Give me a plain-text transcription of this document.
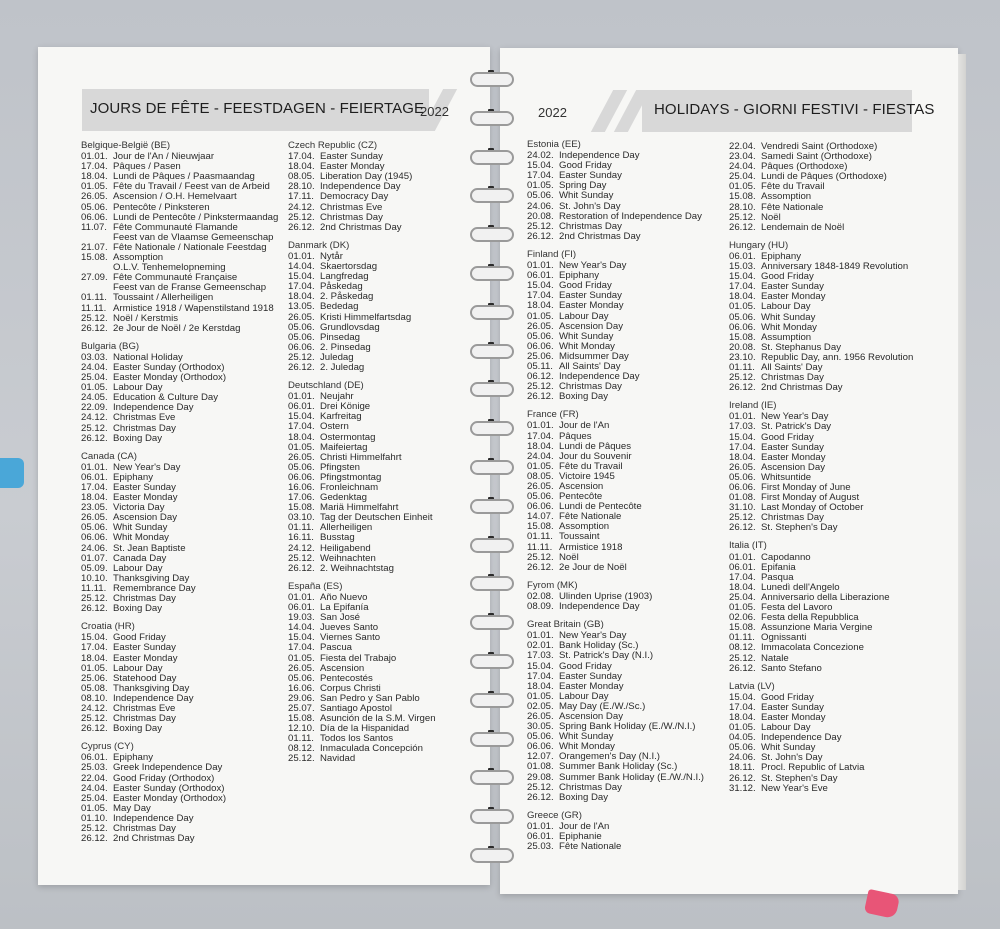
JOURS DE FÊTE - FEESTDAGEN - FEIERTAGE
2022
Belgique-België (BE)
01.01. Jour de l'An / Nieuwjaar
17.04. Pâques / Pasen
18.04. Lundi de Pâques / Paasmaandag
01.05. Fête du Travail / Feest van de Arbeid
26.05. Ascension / O.H. Hemelvaart
05.06. Pentecôte / Pinksteren
06.06. Lundi de Pentecôte / Pinkstermaandag
11.07. Fête Communauté Flamande
Feest van de Vlaamse Gemeenschap
21.07. Fête Nationale / Nationale Feestdag
15.08. Assomption
O.L.V. Tenhemelopneming
27.09. Fête Communauté Française
Feest van de Franse Gemeenschap
01.11. Toussaint / Allerheiligen
11.11. Armistice 1918 / Wapenstilstand 1918
25.12. Noël / Kerstmis
26.12. 2e Jour de Noël / 2e Kerstdag
Bulgaria (BG)
03.03. National Holiday
24.04. Easter Sunday (Orthodox)
25.04. Easter Monday (Orthodox)
01.05. Labour Day
24.05. Education & Culture Day
22.09. Independence Day
24.12. Christmas Eve
25.12. Christmas Day
26.12. Boxing Day
Canada (CA)
01.01. New Year's Day
06.01. Epiphany
17.04. Easter Sunday
18.04. Easter Monday
23.05. Victoria Day
26.05. Ascension Day
05.06. Whit Sunday
06.06. Whit Monday
24.06. St. Jean Baptiste
01.07. Canada Day
05.09. Labour Day
10.10. Thanksgiving Day
11.11. Remembrance Day
25.12. Christmas Day
26.12. Boxing Day
Croatia (HR)
15.04. Good Friday
17.04. Easter Sunday
18.04. Easter Monday
01.05. Labour Day
25.06. Statehood Day
05.08. Thanksgiving Day
08.10. Independence Day
24.12. Christmas Eve
25.12. Christmas Day
26.12. Boxing Day
Cyprus (CY)
06.01. Epiphany
25.03. Greek Independence Day
22.04. Good Friday (Orthodox)
24.04. Easter Sunday (Orthodox)
25.04. Easter Monday (Orthodox)
01.05. May Day
01.10. Independence Day
25.12. Christmas Day
26.12. 2nd Christmas Day
Czech Republic (CZ)
17.04. Easter Sunday
18.04. Easter Monday
08.05. Liberation Day (1945)
28.10. Independence Day
17.11. Democracy Day
24.12. Christmas Eve
25.12. Christmas Day
26.12. 2nd Christmas Day
Danmark (DK)
01.01. Nytår
14.04. Skaertorsdag
15.04. Langfredag
17.04. Påskedag
18.04. 2. Påskedag
13.05. Bededag
26.05. Kristi Himmelfartsdag
05.06. Grundlovsdag
05.06. Pinsedag
06.06. 2. Pinsedag
25.12. Juledag
26.12. 2. Juledag
Deutschland (DE)
01.01. Neujahr
06.01. Drei Könige
15.04. Karfreitag
17.04. Ostern
18.04. Ostermontag
01.05. Maifeiertag
26.05. Christi Himmelfahrt
05.06. Pfingsten
06.06. Pfingstmontag
16.06. Fronleichnam
17.06. Gedenktag
15.08. Mariä Himmelfahrt
03.10. Tag der Deutschen Einheit
01.11. Allerheiligen
16.11. Busstag
24.12. Heiligabend
25.12. Weihnachten
26.12. 2. Weihnachtstag
España (ES)
01.01. Año Nuevo
06.01. La Epifanía
19.03. San José
14.04. Jueves Santo
15.04. Viernes Santo
17.04. Pascua
01.05. Fiesta del Trabajo
26.05. Ascension
05.06. Pentecostés
16.06. Corpus Christi
29.06. San Pedro y San Pablo
25.07. Santiago Apostol
15.08. Asunción de la S.M. Virgen
12.10. Día de la Hispanidad
01.11. Todos los Santos
08.12. Inmaculada Concepción
25.12. Navidad
2022	HOLIDAYS - GIORNI FESTIVI - FIESTAS
Estonia (EE)
24.02. Independence Day
15.04. Good Friday
17.04. Easter Sunday
01.05. Spring Day
05.06. Whit Sunday
24.06. St. John's Day
20.08. Restoration of Independence Day
25.12. Christmas Day
26.12. 2nd Christmas Day
Finland (FI)
01.01. New Year's Day
06.01. Epiphany
15.04. Good Friday
17.04. Easter Sunday
18.04. Easter Monday
01.05. Labour Day
26.05. Ascension Day
05.06. Whit Sunday
06.06. Whit Monday
25.06. Midsummer Day
05.11. All Saints' Day
06.12. Independence Day
25.12. Christmas Day
26.12. Boxing Day
France (FR)
01.01. Jour de l'An
17.04. Pâques
18.04. Lundi de Pâques
24.04. Jour du Souvenir
01.05. Fête du Travail
08.05. Victoire 1945
26.05. Ascension
05.06. Pentecôte
06.06. Lundi de Pentecôte
14.07. Fête Nationale
15.08. Assomption
01.11. Toussaint
11.11. Armistice 1918
25.12. Noël
26.12. 2e Jour de Noël
Fyrom (MK)
02.08. Ulinden Uprise (1903)
08.09. Independence Day
Great Britain (GB)
01.01. New Year's Day
02.01. Bank Holiday (Sc.)
17.03. St. Patrick's Day (N.I.)
15.04. Good Friday
17.04. Easter Sunday
18.04. Easter Monday
01.05. Labour Day
02.05. May Day (E./W./Sc.)
26.05. Ascension Day
30.05. Spring Bank Holiday (E./W./N.I.)
05.06. Whit Sunday
06.06. Whit Monday
12.07. Orangemen's Day (N.I.)
01.08. Summer Bank Holiday (Sc.)
29.08. Summer Bank Holiday (E./W./N.I.)
25.12. Christmas Day
26.12. Boxing Day
Greece (GR)
01.01. Jour de l'An
06.01. Epiphanie
25.03. Fête Nationale
22.04. Vendredi Saint (Orthodoxe)
23.04. Samedi Saint (Orthodoxe)
24.04. Pâques (Orthodoxe)
25.04. Lundi de Pâques (Orthodoxe)
01.05. Fête du Travail
15.08. Assomption
28.10. Fête Nationale
25.12. Noël
26.12. Lendemain de Noël
Hungary (HU)
06.01. Epiphany
15.03. Anniversary 1848-1849 Revolution
15.04. Good Friday
17.04. Easter Sunday
18.04. Easter Monday
01.05. Labour Day
05.06. Whit Sunday
06.06. Whit Monday
15.08. Assumption
20.08. St. Stephanus Day
23.10. Republic Day, ann. 1956 Revolution
01.11. All Saints' Day
25.12. Christmas Day
26.12. 2nd Christmas Day
Ireland (IE)
01.01. New Year's Day
17.03. St. Patrick's Day
15.04. Good Friday
17.04. Easter Sunday
18.04. Easter Monday
26.05. Ascension Day
05.06. Whitsuntide
06.06. First Monday of June
01.08. First Monday of August
31.10. Last Monday of October
25.12. Christmas Day
26.12. St. Stephen's Day
Italia (IT)
01.01. Capodanno
06.01. Epifania
17.04. Pasqua
18.04. Lunedì dell'Angelo
25.04. Anniversario della Liberazione
01.05. Festa del Lavoro
02.06. Festa della Repubblica
15.08. Assunzione Maria Vergine
01.11. Ognissanti
08.12. Immacolata Concezione
25.12. Natale
26.12. Santo Stefano
Latvia (LV)
15.04. Good Friday
17.04. Easter Sunday
18.04. Easter Monday
01.05. Labour Day
04.05. Independence Day
05.06. Whit Sunday
24.06. St. John's Day
18.11. Procl. Republic of Latvia
26.12. St. Stephen's Day
31.12. New Year's Eve
